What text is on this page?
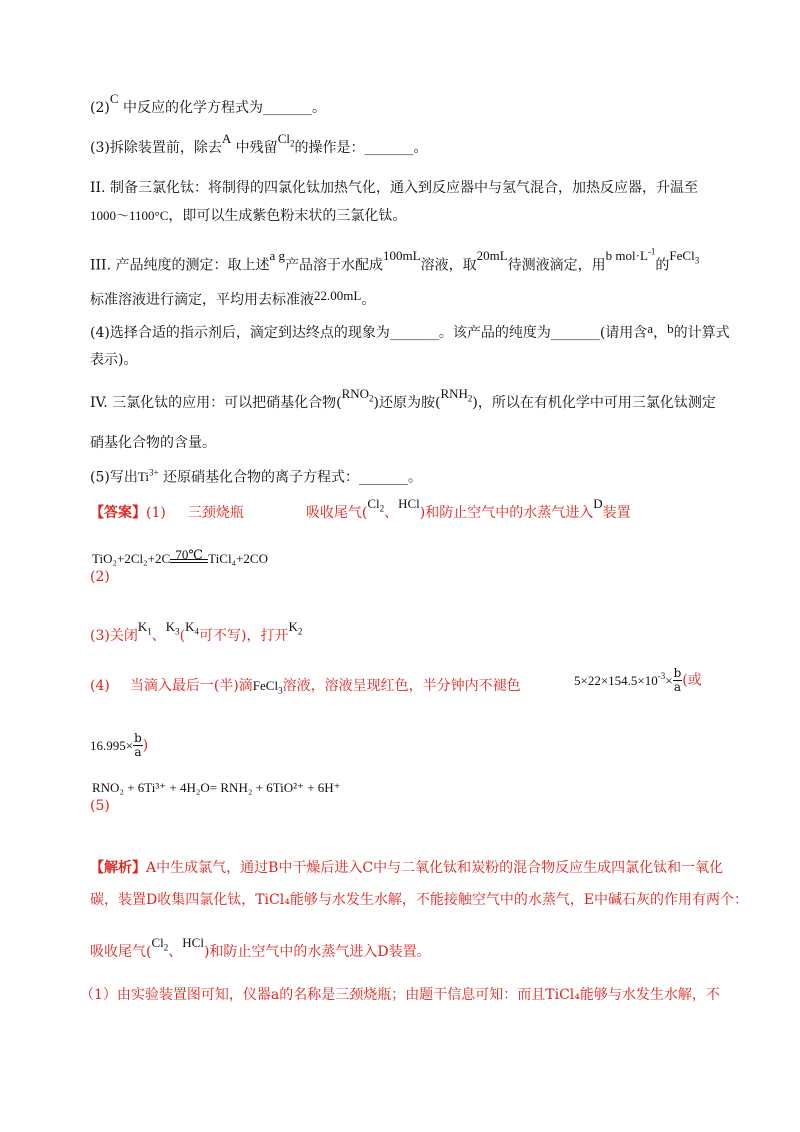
(2)C 中反应的化学方程式为_______。
(3)拆除装置前，除去A 中残留$Cl_2$的操作是：_______。
II. 制备三氯化钛：将制得的四氯化钛加热气化，通入到反应器中与氢气混合，加热反应器，升温至
1000～1100°C，即可以生成紫色粉末状的三氯化钛。
III. 产品纯度的测定：取上述a g产品溶于水配成100mL溶液，取20mL待测液滴定，用b $mol\cdot L^{-1}$的FeCl$_3$
标准溶液进行滴定，平均用去标准液22.00mL。
(4)选择合适的指示剂后，滴定到达终点的现象为_______。该产品的纯度为_______(请用含a，b的计算式
表示)。
IV. 三氯化钛的应用：可以把硝基化合物$(RNO_2)$还原为胺$(RNH_2)$，所以在有机化学中可用三氯化钛测定
硝基化合物的含量。
(5)写出$Ti^{3+}$ 还原硝基化合物的离子方程式：_______。
【答案】(1) 三颈烧瓶	吸收尾气($Cl_2$、HCl)和防止空气中的水蒸气进入D装置
TiO₂+2Cl₂+2C 70℃ TiCl₄+2CO
(2)
(3)关闭$K_1$、$K_3(K_4$可不写)，打开$K_2$
(4) 当滴入最后一(半)滴FeCl$_3$溶液，溶液呈现红色，半分钟内不褪色	$5\times 22\times 154.5\times 10^{-3}\times \frac{b}{a}$ (或
$16.995\times \frac{b}{a}$ )
RNO₂ + 6Ti³⁺ + 4H₂O= RNH₂ + 6TiO²⁺ + 6H⁺
(5)
【解析】A中生成氯气，通过B中干燥后进入C中与二氧化钛和炭粉的混合物反应生成四氯化钛和一氧化
碳，装置D收集四氯化钛，TiCl₄能够与水发生水解，不能接触空气中的水蒸气，E中碱石灰的作用有两个：
吸收尾气($Cl_2$、HCl)和防止空气中的水蒸气进入D装置。
（1）由实验装置图可知，仪器a的名称是三颈烧瓶；由题干信息可知：而且TiCl₄能够与水发生水解，不
